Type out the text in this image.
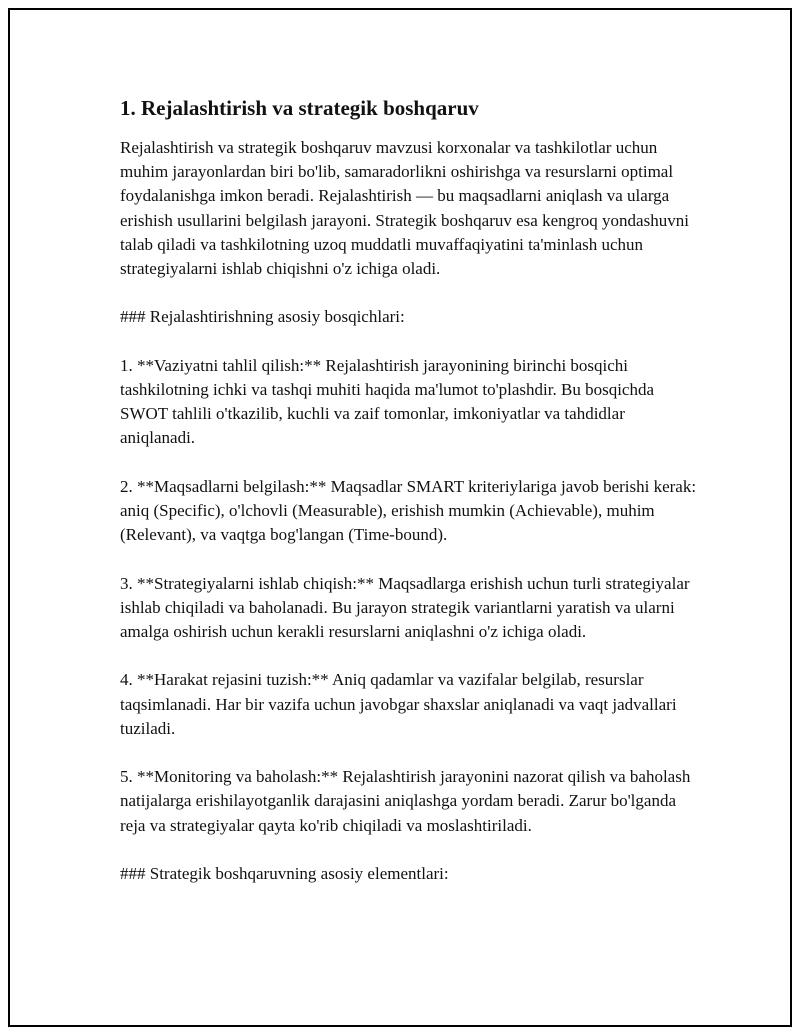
1. Rejalashtirish va strategik boshqaruv

Rejalashtirish va strategik boshqaruv mavzusi korxonalar va tashkilotlar uchun muhim jarayonlardan biri bo'lib, samaradorlikni oshirishga va resurslarni optimal foydalanishga imkon beradi. Rejalashtirish — bu maqsadlarni aniqlash va ularga erishish usullarini belgilash jarayoni. Strategik boshqaruv esa kengroq yondashuvni talab qiladi va tashkilotning uzoq muddatli muvaffaqiyatini ta'minlash uchun strategiyalarni ishlab chiqishni o'z ichiga oladi.

### Rejalashtirishning asosiy bosqichlari:

1. **Vaziyatni tahlil qilish:** Rejalashtirish jarayonining birinchi bosqichi tashkilotning ichki va tashqi muhiti haqida ma'lumot to'plashdir. Bu bosqichda SWOT tahlili o'tkazilib, kuchli va zaif tomonlar, imkoniyatlar va tahdidlar aniqlanadi.

2. **Maqsadlarni belgilash:** Maqsadlar SMART kriteriylariga javob berishi kerak: aniq (Specific), o'lchovli (Measurable), erishish mumkin (Achievable), muhim (Relevant), va vaqtga bog'langan (Time-bound).

3. **Strategiyalarni ishlab chiqish:** Maqsadlarga erishish uchun turli strategiyalar ishlab chiqiladi va baholanadi. Bu jarayon strategik variantlarni yaratish va ularni amalga oshirish uchun kerakli resurslarni aniqlashni o'z ichiga oladi.

4. **Harakat rejasini tuzish:** Aniq qadamlar va vazifalar belgilab, resurslar taqsimlanadi. Har bir vazifa uchun javobgar shaxslar aniqlanadi va vaqt jadvallari tuziladi.

5. **Monitoring va baholash:** Rejalashtirish jarayonini nazorat qilish va baholash natijalarga erishilayotganlik darajasini aniqlashga yordam beradi. Zarur bo'lganda reja va strategiyalar qayta ko'rib chiqiladi va moslashtiriladi.

### Strategik boshqaruvning asosiy elementlari:
